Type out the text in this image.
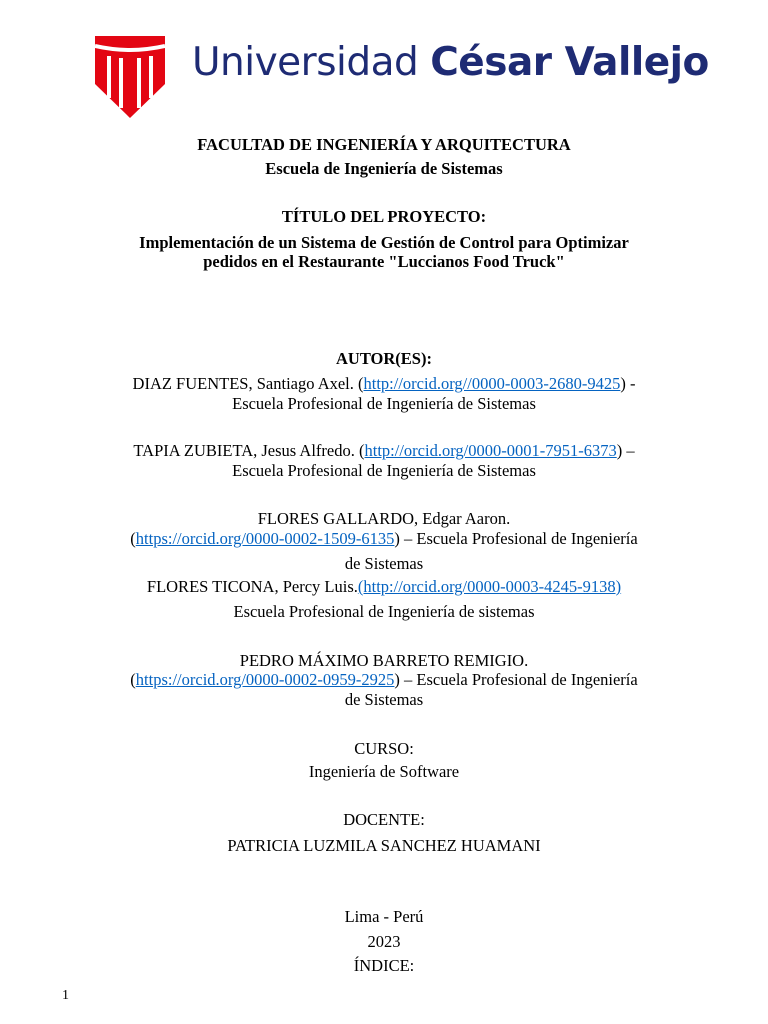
Universidad César Vallejo
FACULTAD DE INGENIERÍA Y ARQUITECTURA
Escuela de Ingeniería de Sistemas
TÍTULO DEL PROYECTO:
Implementación de un Sistema de Gestión de Control para Optimizar
pedidos en el Restaurante "Luccianos Food Truck"
AUTOR(ES):
DIAZ FUENTES, Santiago Axel. (http://orcid.org//0000-0003-2680-9425) -
Escuela Profesional de Ingeniería de Sistemas
TAPIA ZUBIETA, Jesus Alfredo. (http://orcid.org/0000-0001-7951-6373) –
Escuela Profesional de Ingeniería de Sistemas
FLORES GALLARDO, Edgar Aaron.
(https://orcid.org/0000-0002-1509-6135) – Escuela Profesional de Ingeniería
de Sistemas
FLORES TICONA, Percy Luis.(http://orcid.org/0000-0003-4245-9138)
Escuela Profesional de Ingeniería de sistemas
PEDRO MÁXIMO BARRETO REMIGIO.
(https://orcid.org/0000-0002-0959-2925) – Escuela Profesional de Ingeniería
de Sistemas
CURSO:
Ingeniería de Software
DOCENTE:
PATRICIA LUZMILA SANCHEZ HUAMANI
Lima - Perú
2023
ÍNDICE:
1
